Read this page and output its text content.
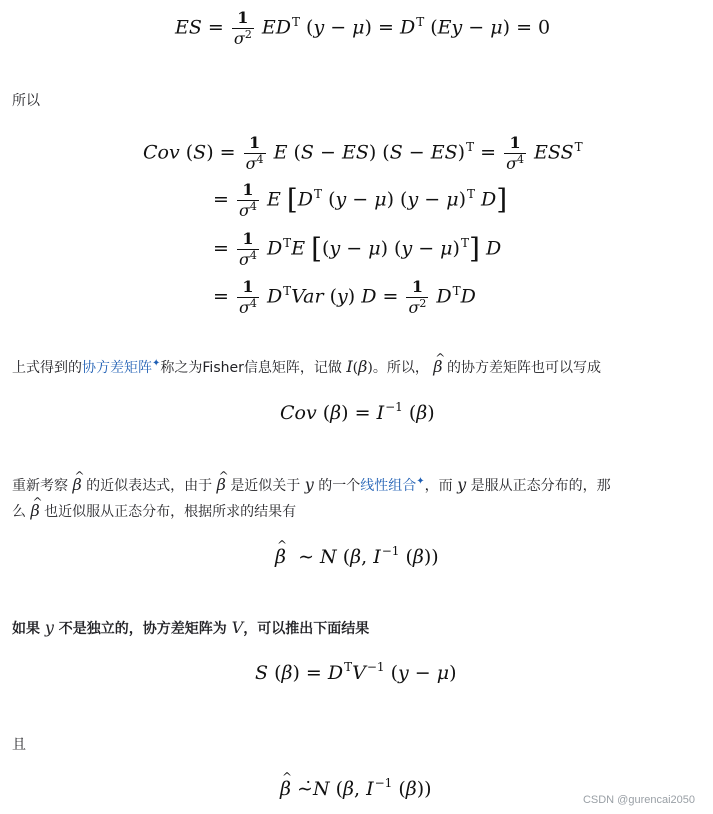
ES = $\frac{1}{\sigma^2} ED^T$ $(y - \mu) = D^T$ (Ey − μ) = 0
所以
Cov $(S) = \frac{1}{\sigma^4}$ E (S − ES) $(S - ES)^T = \frac{1}{\sigma^4} ESS^T$
= $\frac{1}{\sigma^4}$ E [$D^T$ (y − μ) $(y - \mu)^T$ D]
= $\frac{1}{\sigma^4} D^TE$ [(y − μ) $(y - \mu)^T$] D
= $\frac{1}{\sigma^4} D^TVar$ (y) $D = \frac{1}{\sigma^2} D^TD$
上式得到的协方差矩阵✦称之为Fisher信息矩阵，记做 I(β)。所以， ^ β 的协方差矩阵也可以写成
Cov $(\beta) = I^{-1}$ (β)
重新考察 ^ β 的近似表达式，由于 ^ β 是近似关于 y 的一个线性组合✦，而 y 是服从正态分布的，那
么 ^ β 也近似服从正态分布，根据所求的结果有
^ β  ∼ N (β, $I^{-1}$ (β))
如果 y 不是独立的，协方差矩阵为 V，可以推出下面结果
S $(\beta) = D^TV^{-1}$ (y − μ)
且
^ β ∼̇N (β, $I^{-1}$ (β))	CSDN @gurencai2050
